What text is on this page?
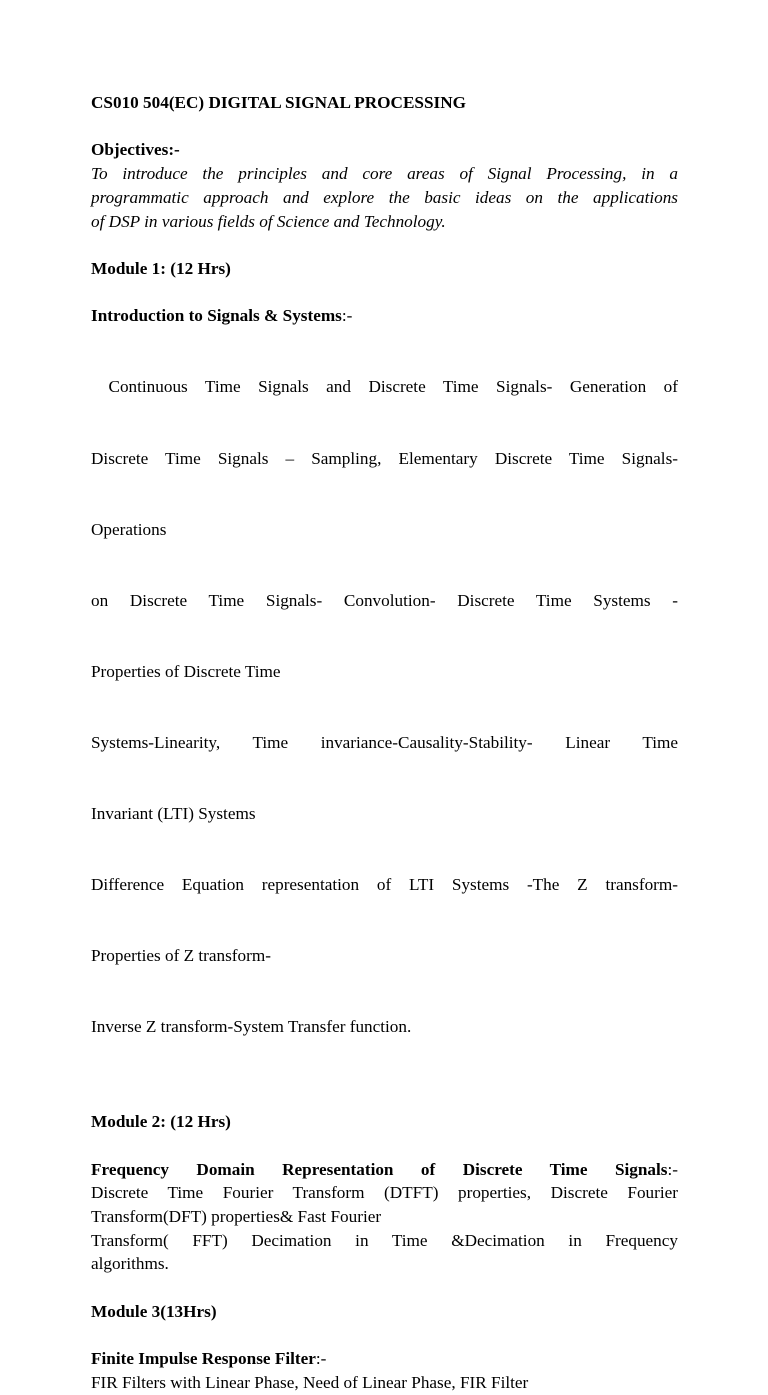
CS010 504(EC) DIGITAL SIGNAL PROCESSING

Objectives:-

To introduce the principles and core areas of Signal Processing, in a
programmatic approach and explore the basic ideas on the applications
of DSP in various fields of Science and Technology.

Module 1: (12 Hrs)

Introduction to Signals & Systems:-

Continuous Time Signals and Discrete Time Signals- Generation of

Discrete Time Signals – Sampling, Elementary Discrete Time Signals-

Operations

on Discrete Time Signals- Convolution- Discrete Time Systems -

Properties of Discrete Time

Systems-Linearity, Time invariance-Causality-Stability- Linear Time

Invariant (LTI) Systems

Difference Equation representation of LTI Systems -The Z transform-

Properties of Z transform-

Inverse Z transform-System Transfer function.

Module 2: (12 Hrs)

Frequency Domain Representation of Discrete Time Signals:-

Discrete Time Fourier Transform (DTFT) properties, Discrete Fourier
Transform(DFT) properties& Fast Fourier
Transform( FFT) Decimation in Time &Decimation in Frequency
algorithms.

Module 3(13Hrs)

Finite Impulse Response Filter:-

FIR Filters with Linear Phase, Need of Linear Phase, FIR Filter
